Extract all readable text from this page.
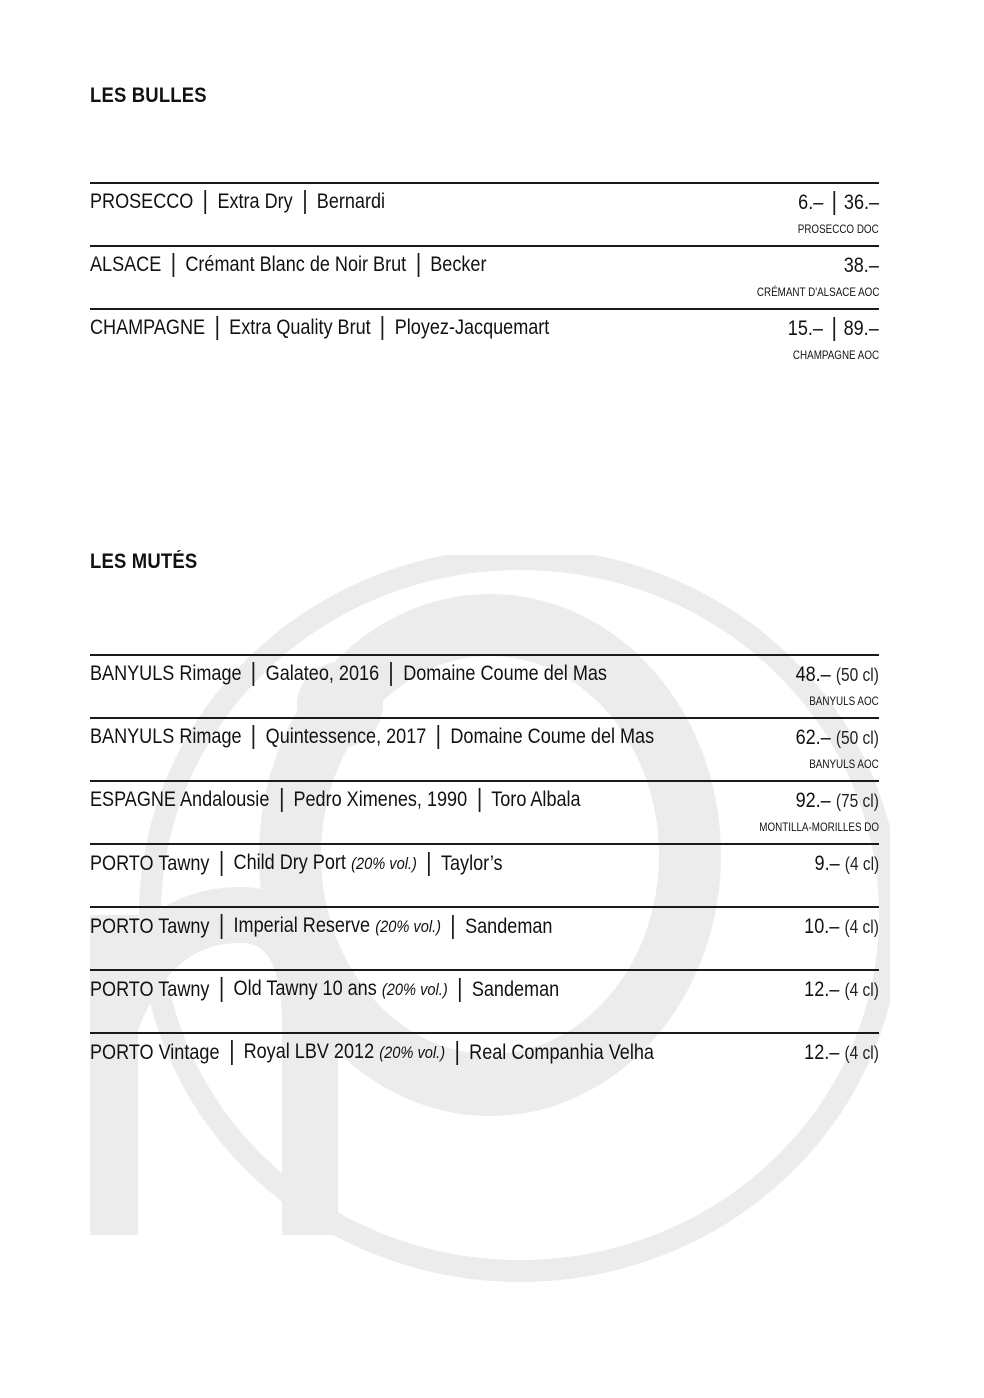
LES BULLES
PROSECCO	Extra Dry	Bernardi	6.– 36.–
PROSECCO DOC
ALSACE	Crémant Blanc de Noir Brut	Becker	38.–
CRÉMANT D'ALSACE AOC
CHAMPAGNE	Extra Quality Brut	Ployez-Jacquemart	15.– 89.–
CHAMPAGNE AOC
LES MUTÉS
BANYULS Rimage	Galateo, 2016	Domaine Coume del Mas	48.– (50 cl)
BANYULS AOC
BANYULS Rimage	Quintessence, 2017	Domaine Coume del Mas	62.– (50 cl)
BANYULS AOC
ESPAGNE Andalousie	Pedro Ximenes, 1990	Toro Albala	92.– (75 cl)
MONTILLA-MORILLES DO
PORTO Tawny	Child Dry Port (20% vol.)	Taylor’s	9.– (4 cl)
PORTO Tawny	Imperial Reserve (20% vol.)	Sandeman	10.– (4 cl)
PORTO Tawny	Old Tawny 10 ans (20% vol.)	Sandeman	12.– (4 cl)
PORTO Vintage	Royal LBV 2012 (20% vol.)	Real Companhia Velha	12.– (4 cl)
